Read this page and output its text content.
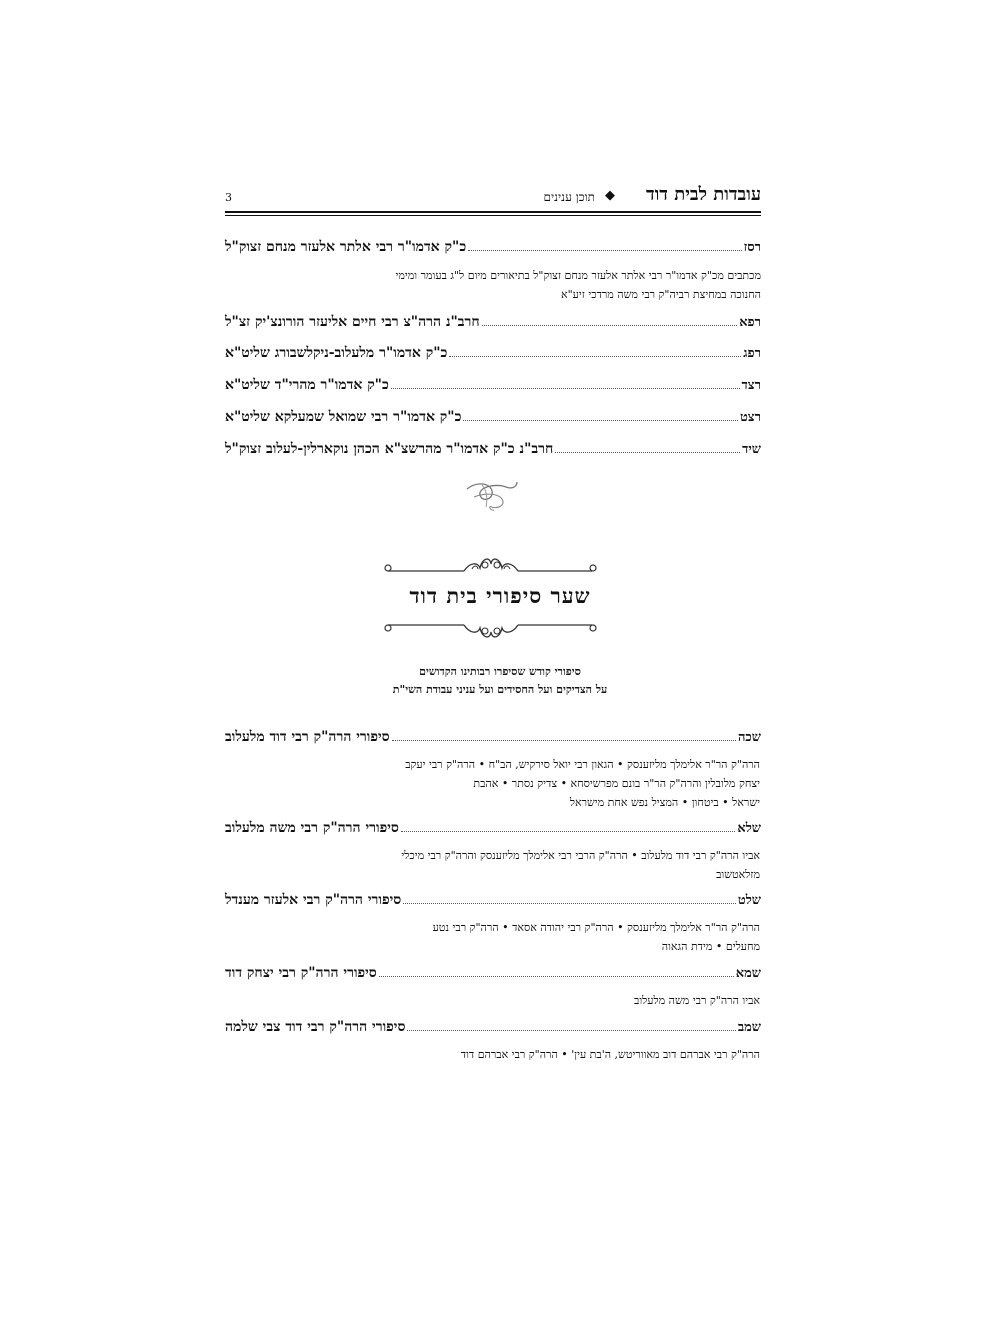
עובדות לבית דוד
◆
תוכן ענינים
3
כ"ק אדמו"ר רבי אלתר אלעזר מנחם זצוק"ל	רסז
מכתבים מכ"ק אדמו"ר רבי אלתר אלעזר מנחם זצוק"ל בתיאורים מיום ל"ג בעומר ומימי
החנוכה במחיצת רביה"ק רבי משה מרדכי זיע"א
חרב"נ הרה"צ רבי חיים אליעזר הורונצ'יק זצ"ל	רפא
כ"ק אדמו"ר מלעלוב-ניקלשבורג שליט"א	רפג
כ"ק אדמו"ר מהרי"ד שליט"א	רצד
כ"ק אדמו"ר רבי שמואל שמעלקא שליט"א	רצט
חרב"נ כ"ק אדמו"ר מהרשצ"א הכהן נוקארלין-לעלוב זצוק"ל	שיד
שער סיפורי בית דוד
סיפורי קודש שסיפרו רבותינו הקדושים
על הצדיקים ועל החסידים ועל עניני עבודת השי"ת
סיפורי הרה"ק רבי דוד מלעלוב	שכה
הרה"ק הר"ר אלימלך מליזענסק • הגאון רבי יואל סירקיש, הב"ח • הרה"ק רבי יעקב
יצחק מלובלין והרה"ק הר"ר בונם מפרשיסחא • צדיק נסתר • אהבת
ישראל • ביטחון • המציל נפש אחת מישראל
סיפורי הרה"ק רבי משה מלעלוב	שלא
אביו הרה"ק רבי דוד מלעלוב • הרה"ק הרבי רבי אלימלך מליזענסק והרה"ק רבי מיכלי
מזלאטשוב
סיפורי הרה"ק רבי אלעזר מענדל	שלט
הרה"ק הר"ר אלימלך מליזענסק • הרה"ק רבי יהודה אסאד • הרה"ק רבי נטע
מחעלים • מידת הגאוה
סיפורי הרה"ק רבי יצחק דוד	שמא
אביו הרה"ק רבי משה מלעלוב
סיפורי הרה"ק רבי דוד צבי שלמה	שמב
הרה"ק רבי אברהם דוב מאווריטש, ה'בת עין' • הרה"ק רבי אברהם דוד
